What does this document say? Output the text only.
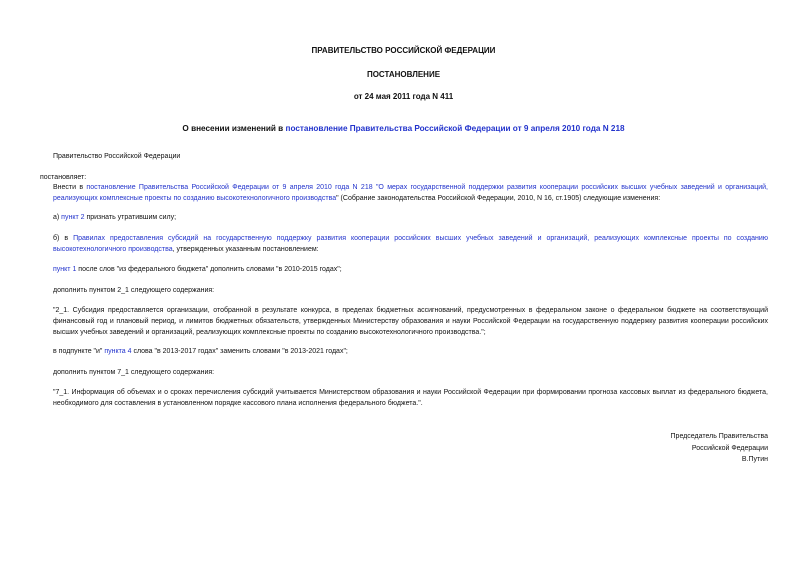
ПРАВИТЕЛЬСТВО РОССИЙСКОЙ ФЕДЕРАЦИИ
ПОСТАНОВЛЕНИЕ
от 24 мая 2011 года N 411
О внесении изменений в постановление Правительства Российской Федерации от 9 апреля 2010 года N 218
Правительство Российской Федерации
постановляет:
Внести в постановление Правительства Российской Федерации от 9 апреля 2010 года N 218 "О мерах государственной поддержки развития кооперации российских высших учебных заведений и организаций, реализующих комплексные проекты по созданию высокотехнологичного производства" (Собрание законодательства Российской Федерации, 2010, N 16, ст.1905) следующие изменения:
а) пункт 2 признать утратившим силу;
б) в Правилах предоставления субсидий на государственную поддержку развития кооперации российских высших учебных заведений и организаций, реализующих комплексные проекты по созданию высокотехнологичного производства, утвержденных указанным постановлением:
пункт 1 после слов "из федерального бюджета" дополнить словами "в 2010-2015 годах";
дополнить пунктом 2_1 следующего содержания:
"2_1. Субсидия предоставляется организации, отобранной в результате конкурса, в пределах бюджетных ассигнований, предусмотренных в федеральном законе о федеральном бюджете на соответствующий финансовый год и плановый период, и лимитов бюджетных обязательств, утвержденных Министерству образования и науки Российской Федерации на государственную поддержку развития кооперации российских высших учебных заведений и организаций, реализующих комплексные проекты по созданию высокотехнологичного производства.";
в подпункте "и" пункта 4 слова "в 2013-2017 годах" заменить словами "в 2013-2021 годах";
дополнить пунктом 7_1 следующего содержания:
"7_1. Информация об объемах и о сроках перечисления субсидий учитывается Министерством образования и науки Российской Федерации при формировании прогноза кассовых выплат из федерального бюджета, необходимого для составления в установленном порядке кассового плана исполнения федерального бюджета.".
Председатель Правительства
Российской Федерации
В.Путин
